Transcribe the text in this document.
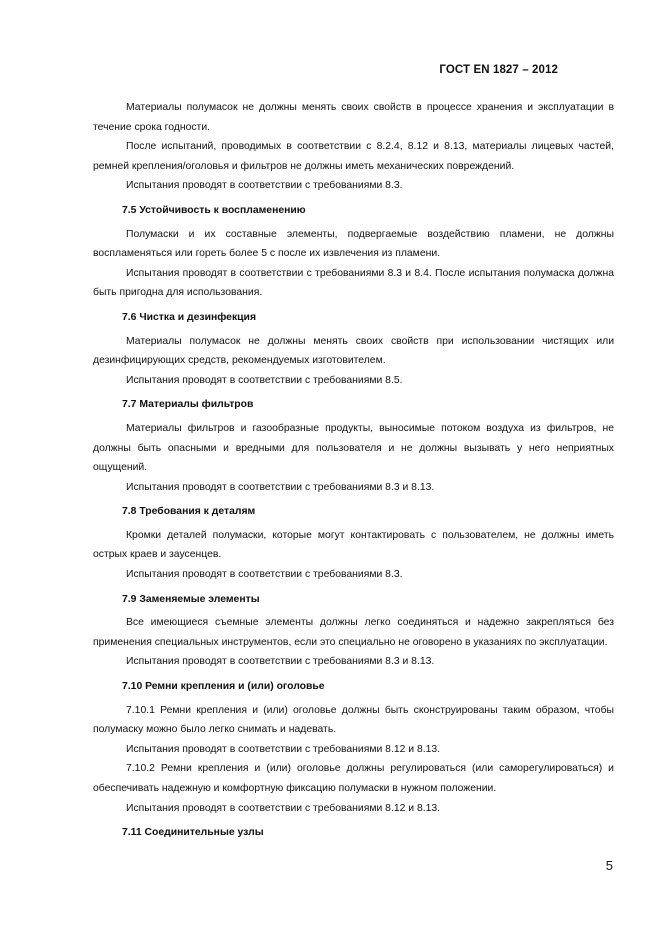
ГОСТ EN 1827 – 2012

Материалы полумасок не должны менять своих свойств в процессе хранения и эксплуатации в течение срока годности.

После испытаний, проводимых в соответствии с 8.2.4, 8.12 и 8.13, материалы лицевых частей, ремней крепления/оголовья и фильтров не должны иметь механических повреждений.

Испытания проводят в соответствии с требованиями 8.3.

7.5 Устойчивость к воспламенению

Полумаски и их составные элементы, подвергаемые воздействию пламени, не должны воспламеняться или гореть более 5 с после их извлечения из пламени.

Испытания проводят в соответствии с требованиями 8.3 и 8.4. После испытания полумаска должна быть пригодна для использования.

7.6 Чистка и дезинфекция

Материалы полумасок не должны менять своих свойств при использовании чистящих или дезинфицирующих средств, рекомендуемых изготовителем.

Испытания проводят в соответствии с требованиями 8.5.

7.7 Материалы фильтров

Материалы фильтров и газообразные продукты, выносимые потоком воздуха из фильтров, не должны быть опасными и вредными для пользователя и не должны вызывать у него неприятных ощущений.

Испытания проводят в соответствии с требованиями 8.3 и 8.13.

7.8 Требования к деталям

Кромки деталей полумаски, которые могут контактировать с пользователем, не должны иметь острых краев и заусенцев.

Испытания проводят в соответствии с требованиями 8.3.

7.9 Заменяемые элементы

Все имеющиеся съемные элементы должны легко соединяться и надежно закрепляться без применения специальных инструментов, если это специально не оговорено в указаниях по эксплуатации.

Испытания проводят в соответствии с требованиями 8.3 и 8.13.

7.10 Ремни крепления и (или) оголовье

7.10.1 Ремни крепления и (или) оголовье должны быть сконструированы таким образом, чтобы полумаску можно было легко снимать и надевать.

Испытания проводят в соответствии с требованиями 8.12 и 8.13.

7.10.2 Ремни крепления и (или) оголовье должны регулироваться (или саморегулироваться) и обеспечивать надежную и комфортную фиксацию полумаски в нужном положении.

Испытания проводят в соответствии с требованиями 8.12 и 8.13.

7.11 Соединительные узлы
5
